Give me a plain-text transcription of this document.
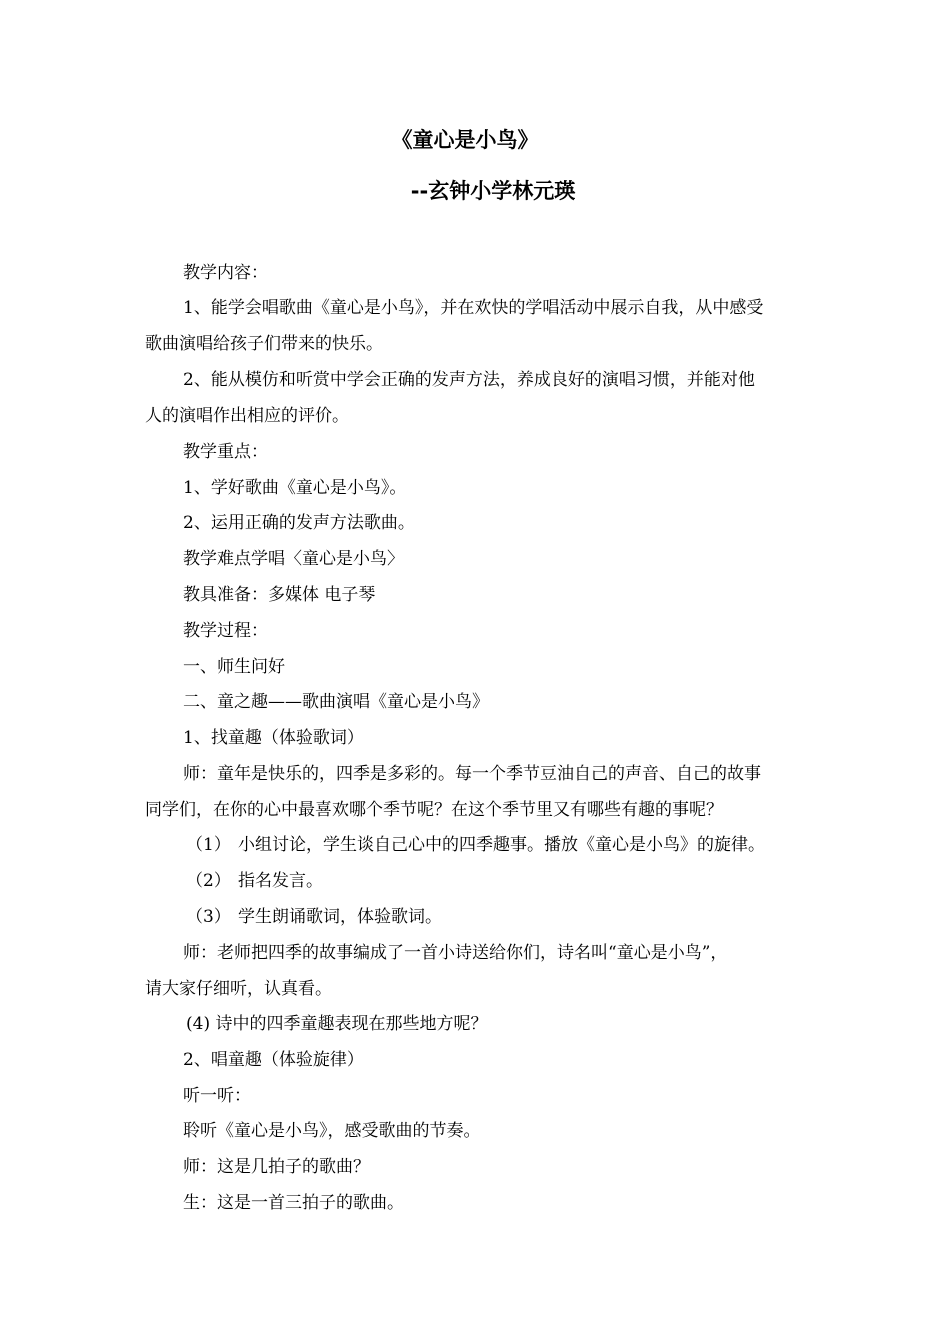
《童心是小鸟》
--玄钟小学林元瑛

教学内容：

1、能学会唱歌曲《童心是小鸟》，并在欢快的学唱活动中展示自我，从中感受

歌曲演唱给孩子们带来的快乐。

2、能从模仿和听赏中学会正确的发声方法，养成良好的演唱习惯，并能对他

人的演唱作出相应的评价。

教学重点：

1、学好歌曲《童心是小鸟》。

2、运用正确的发声方法歌曲。

教学难点学唱〈童心是小鸟〉

教具准备：多媒体 电子琴

教学过程：

一、师生问好

二、童之趣——歌曲演唱《童心是小鸟》

1、找童趣（体验歌词）

师：童年是快乐的，四季是多彩的。每一个季节豆油自己的声音、自己的故事

同学们，在你的心中最喜欢哪个季节呢？在这个季节里又有哪些有趣的事呢？

（1） 小组讨论，学生谈自己心中的四季趣事。播放《童心是小鸟》的旋律。

（2） 指名发言。

（3） 学生朗诵歌词，体验歌词。

师：老师把四季的故事编成了一首小诗送给你们，诗名叫“童心是小鸟”，

请大家仔细听，认真看。

(4) 诗中的四季童趣表现在那些地方呢？

2、唱童趣（体验旋律）

听一听：

聆听《童心是小鸟》，感受歌曲的节奏。

师：这是几拍子的歌曲？

生：这是一首三拍子的歌曲。
